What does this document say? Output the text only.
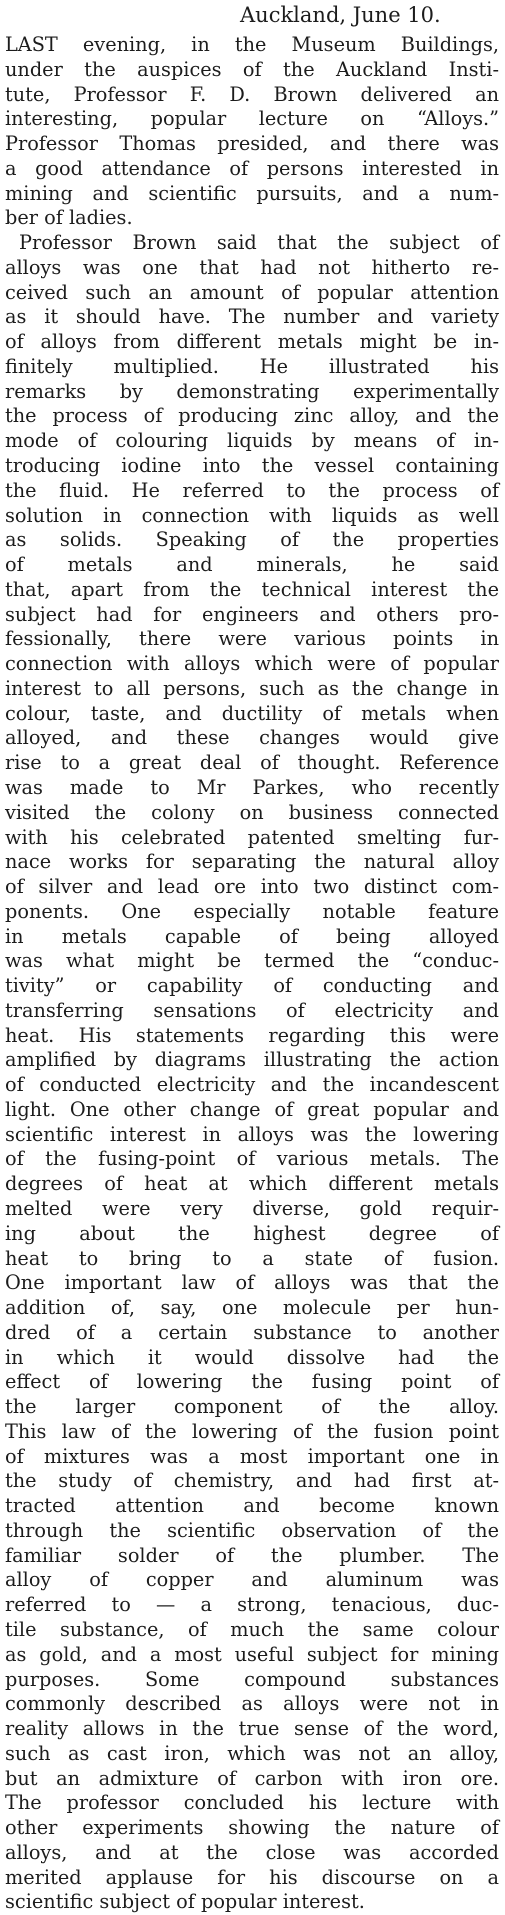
Auckland, June 10.
LAST evening, in the Museum Buildings,
under the auspices of the Auckland Insti-
tute, Professor F. D. Brown delivered an
interesting, popular lecture on “Alloys.”
Professor Thomas presided, and there was
a good attendance of persons interested in
mining and scientific pursuits, and a num-
ber of ladies.
Professor Brown said that the subject of
alloys was one that had not hitherto re-
ceived such an amount of popular attention
as it should have. The number and variety
of alloys from different metals might be in-
finitely multiplied. He illustrated his
remarks by demonstrating experimentally
the process of producing zinc alloy, and the
mode of colouring liquids by means of in-
troducing iodine into the vessel containing
the fluid. He referred to the process of
solution in connection with liquids as well
as solids. Speaking of the properties
of metals and minerals, he said
that, apart from the technical interest the
subject had for engineers and others pro-
fessionally, there were various points in
connection with alloys which were of popular
interest to all persons, such as the change in
colour, taste, and ductility of metals when
alloyed, and these changes would give
rise to a great deal of thought. Reference
was made to Mr Parkes, who recently
visited the colony on business connected
with his celebrated patented smelting fur-
nace works for separating the natural alloy
of silver and lead ore into two distinct com-
ponents. One especially notable feature
in metals capable of being alloyed
was what might be termed the “conduc-
tivity” or capability of conducting and
transferring sensations of electricity and
heat. His statements regarding this were
amplified by diagrams illustrating the action
of conducted electricity and the incandescent
light. One other change of great popular and
scientific interest in alloys was the lowering
of the fusing-point of various metals. The
degrees of heat at which different metals
melted were very diverse, gold requir-
ing about the highest degree of
heat to bring to a state of fusion.
One important law of alloys was that the
addition of, say, one molecule per hun-
dred of a certain substance to another
in which it would dissolve had the
effect of lowering the fusing point of
the larger component of the alloy.
This law of the lowering of the fusion point
of mixtures was a most important one in
the study of chemistry, and had first at-
tracted attention and become known
through the scientific observation of the
familiar solder of the plumber. The
alloy of copper and aluminum was
referred to — a strong, tenacious, duc-
tile substance, of much the same colour
as gold, and a most useful subject for mining
purposes. Some compound substances
commonly described as alloys were not in
reality allows in the true sense of the word,
such as cast iron, which was not an alloy,
but an admixture of carbon with iron ore.
The professor concluded his lecture with
other experiments showing the nature of
alloys, and at the close was accorded
merited applause for his discourse on a
scientific subject of popular interest.
